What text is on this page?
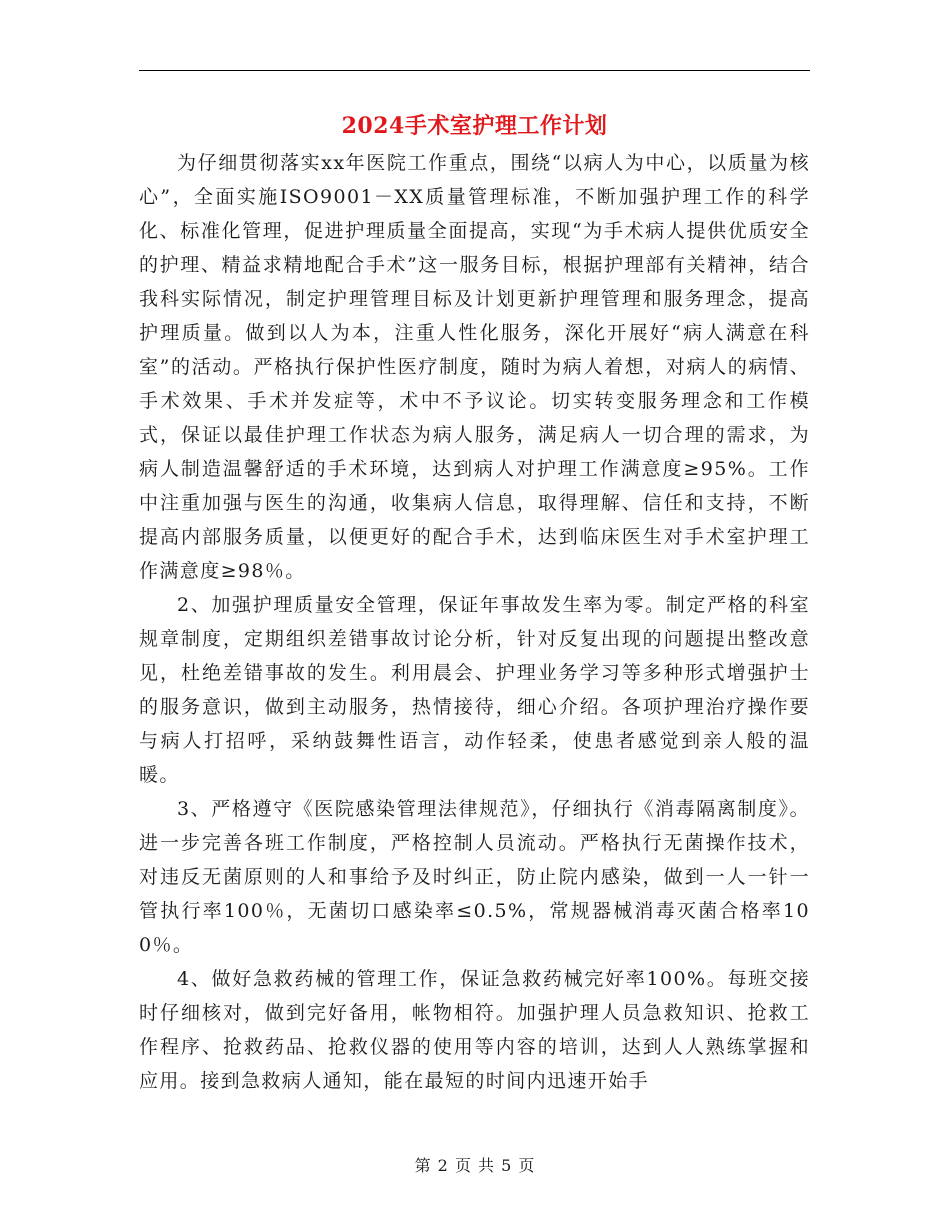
2024手术室护理工作计划

为仔细贯彻落实xx年医院工作重点，围绕“以病人为中心，以质量为核心”，全面实施ISO9001－XX质量管理标准，不断加强护理工作的科学化、标准化管理，促进护理质量全面提高，实现“为手术病人提供优质安全的护理、精益求精地配合手术”这一服务目标，根据护理部有关精神，结合我科实际情况，制定护理管理目标及计划更新护理管理和服务理念，提高护理质量。做到以人为本，注重人性化服务，深化开展好“病人满意在科室”的活动。严格执行保护性医疗制度，随时为病人着想，对病人的病情、手术效果、手术并发症等，术中不予议论。切实转变服务理念和工作模式，保证以最佳护理工作状态为病人服务，满足病人一切合理的需求，为病人制造温馨舒适的手术环境，达到病人对护理工作满意度≥95%。工作中注重加强与医生的沟通，收集病人信息，取得理解、信任和支持，不断提高内部服务质量，以便更好的配合手术，达到临床医生对手术室护理工作满意度≥98％。

2、加强护理质量安全管理，保证年事故发生率为零。制定严格的科室规章制度，定期组织差错事故讨论分析，针对反复出现的问题提出整改意见，杜绝差错事故的发生。利用晨会、护理业务学习等多种形式增强护士的服务意识，做到主动服务，热情接待，细心介绍。各项护理治疗操作要与病人打招呼，采纳鼓舞性语言，动作轻柔，使患者感觉到亲人般的温暖。

3、严格遵守《医院感染管理法律规范》，仔细执行《消毒隔离制度》。进一步完善各班工作制度，严格控制人员流动。严格执行无菌操作技术，对违反无菌原则的人和事给予及时纠正，防止院内感染，做到一人一针一管执行率100％，无菌切口感染率≤0.5%，常规器械消毒灭菌合格率100％。

4、做好急救药械的管理工作，保证急救药械完好率100%。每班交接时仔细核对，做到完好备用，帐物相符。加强护理人员急救知识、抢救工作程序、抢救药品、抢救仪器的使用等内容的培训，达到人人熟练掌握和应用。接到急救病人通知，能在最短的时间内迅速开始手

第 2 页 共 5 页
